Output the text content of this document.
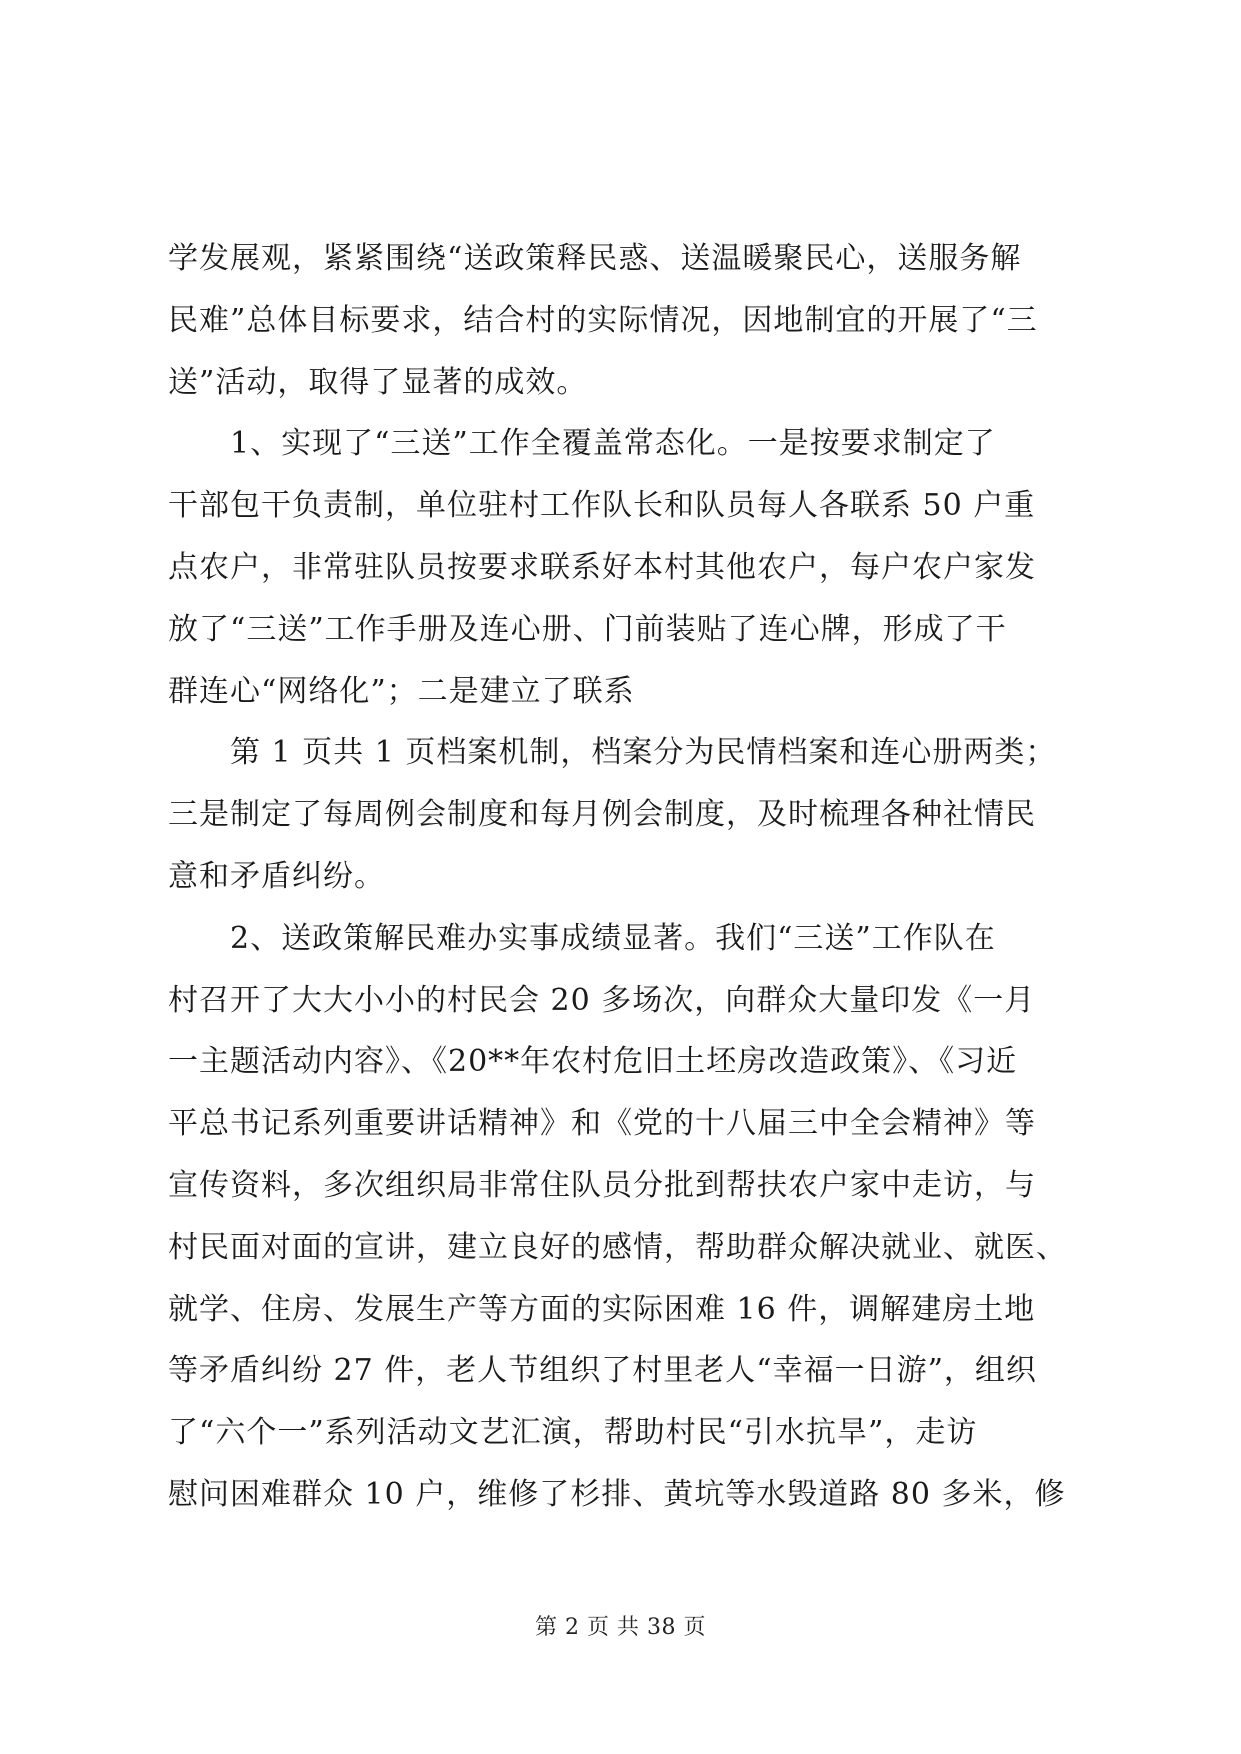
学发展观，紧紧围绕“送政策释民惑、送温暖聚民心，送服务解
民难”总体目标要求，结合村的实际情况，因地制宜的开展了“三
送”活动，取得了显著的成效。

1、实现了“三送”工作全覆盖常态化。一是按要求制定了
干部包干负责制，单位驻村工作队长和队员每人各联系 50 户重
点农户，非常驻队员按要求联系好本村其他农户，每户农户家发
放了“三送”工作手册及连心册、门前装贴了连心牌，形成了干
群连心“网络化”；二是建立了联系

第 1 页共 1 页档案机制，档案分为民情档案和连心册两类；
三是制定了每周例会制度和每月例会制度，及时梳理各种社情民
意和矛盾纠纷。

2、送政策解民难办实事成绩显著。我们“三送”工作队在
村召开了大大小小的村民会 20 多场次，向群众大量印发《一月
一主题活动内容》、《20**年农村危旧土坯房改造政策》、《习近
平总书记系列重要讲话精神》和《党的十八届三中全会精神》等
宣传资料，多次组织局非常住队员分批到帮扶农户家中走访，与
村民面对面的宣讲，建立良好的感情，帮助群众解决就业、就医、
就学、住房、发展生产等方面的实际困难 16 件，调解建房土地
等矛盾纠纷 27 件，老人节组织了村里老人“幸福一日游”，组织
了“六个一”系列活动文艺汇演，帮助村民“引水抗旱”，走访
慰问困难群众 10 户，维修了杉排、黄坑等水毁道路 80 多米，修

第 2 页 共 38 页
